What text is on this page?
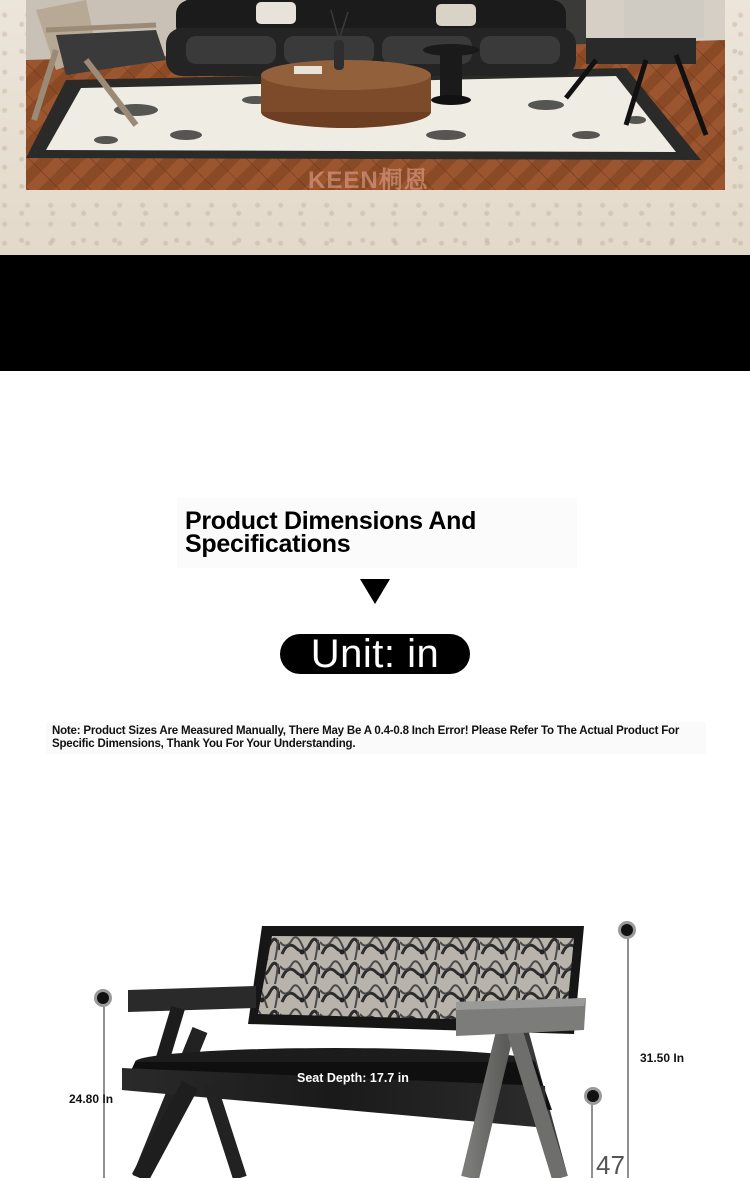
KEEN桐恩
Product Dimensions And Specifications
Unit: in

Note: Product Sizes Are Measured Manually, There May Be A 0.4-0.8 Inch Error! Please Refer To The Actual Product For Specific Dimensions, Thank You For Your Understanding.

24.80 In
31.50 In
Seat Depth: 17.7 in
47
